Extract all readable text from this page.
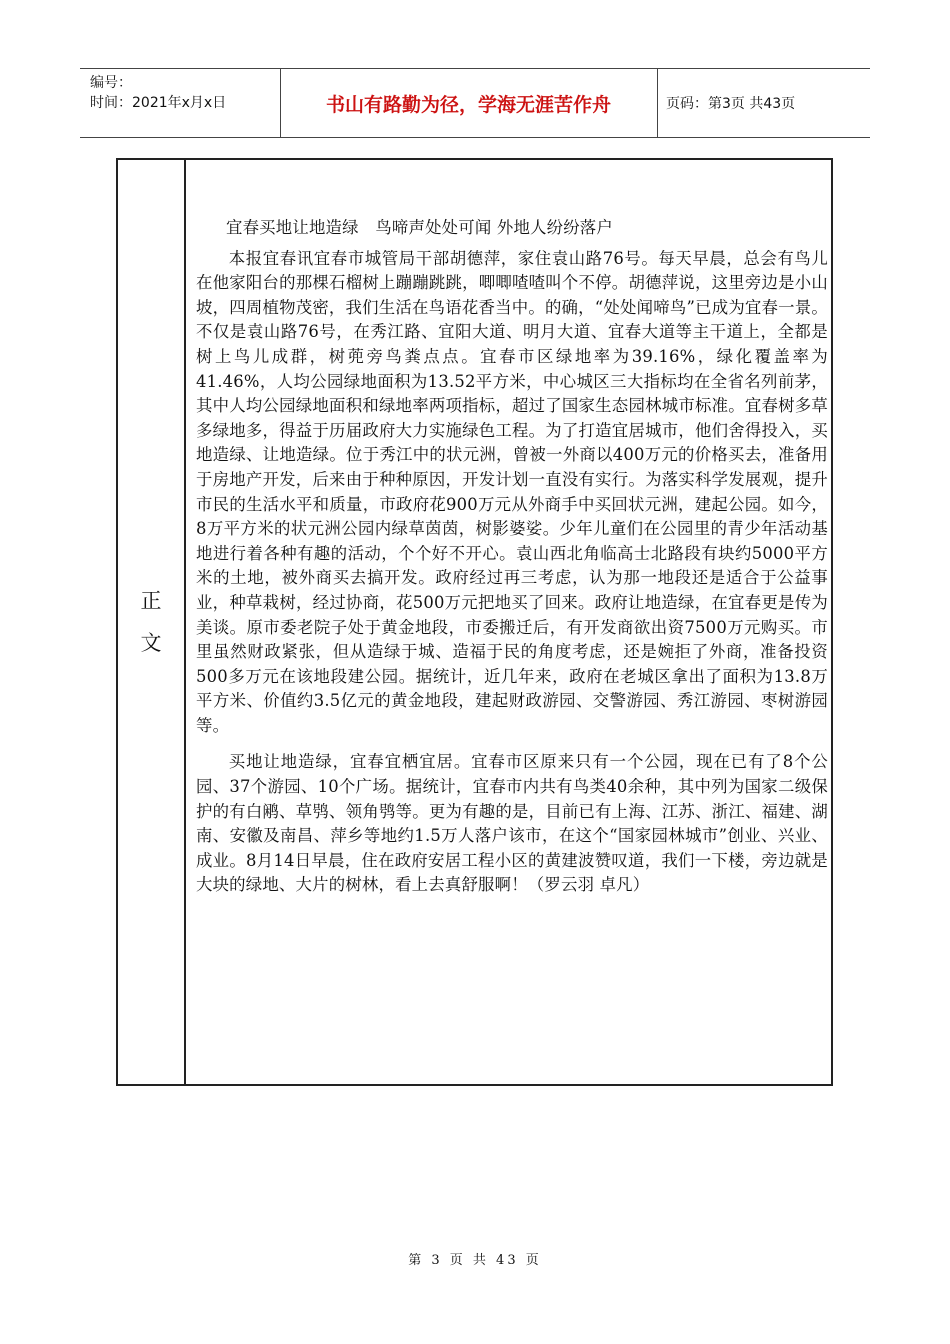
编号：
时间：2021年x月x日	书山有路勤为径，学海无涯苦作舟	页码：第3页 共43页
正
文
宜春买地让地造绿　鸟啼声处处可闻 外地人纷纷落户

本报宜春讯宜春市城管局干部胡德萍，家住袁山路76号。每天早晨，总会有鸟儿在他家阳台的那棵石榴树上蹦蹦跳跳，唧唧喳喳叫个不停。胡德萍说，这里旁边是小山坡，四周植物茂密，我们生活在鸟语花香当中。的确，“处处闻啼鸟”已成为宜春一景。不仅是袁山路76号，在秀江路、宜阳大道、明月大道、宜春大道等主干道上，全都是树上鸟儿成群，树蔸旁鸟粪点点。宜春市区绿地率为39.16%，绿化覆盖率为41.46%，人均公园绿地面积为13.52平方米，中心城区三大指标均在全省名列前茅，其中人均公园绿地面积和绿地率两项指标，超过了国家生态园林城市标准。宜春树多草多绿地多，得益于历届政府大力实施绿色工程。为了打造宜居城市，他们舍得投入，买地造绿、让地造绿。位于秀江中的状元洲，曾被一外商以400万元的价格买去，准备用于房地产开发，后来由于种种原因，开发计划一直没有实行。为落实科学发展观，提升市民的生活水平和质量，市政府花900万元从外商手中买回状元洲，建起公园。如今，8万平方米的状元洲公园内绿草茵茵，树影婆娑。少年儿童们在公园里的青少年活动基地进行着各种有趣的活动，个个好不开心。袁山西北角临高士北路段有块约5000平方米的土地，被外商买去搞开发。政府经过再三考虑，认为那一地段还是适合于公益事业，种草栽树，经过协商，花500万元把地买了回来。政府让地造绿，在宜春更是传为美谈。原市委老院子处于黄金地段，市委搬迁后，有开发商欲出资7500万元购买。市里虽然财政紧张，但从造绿于城、造福于民的角度考虑，还是婉拒了外商，准备投资500多万元在该地段建公园。据统计，近几年来，政府在老城区拿出了面积为13.8万平方米、价值约3.5亿元的黄金地段，建起财政游园、交警游园、秀江游园、枣树游园等。

买地让地造绿，宜春宜栖宜居。宜春市区原来只有一个公园，现在已有了8个公园、37个游园、10个广场。据统计，宜春市内共有鸟类40余种，其中列为国家二级保护的有白鹇、草鸮、领角鸮等。更为有趣的是，目前已有上海、江苏、浙江、福建、湖南、安徽及南昌、萍乡等地约1.5万人落户该市，在这个“国家园林城市”创业、兴业、成业。8月14日早晨，住在政府安居工程小区的黄建波赞叹道，我们一下楼，旁边就是大块的绿地、大片的树林，看上去真舒服啊！（罗云羽 卓凡）

第 3 页 共 43 页
